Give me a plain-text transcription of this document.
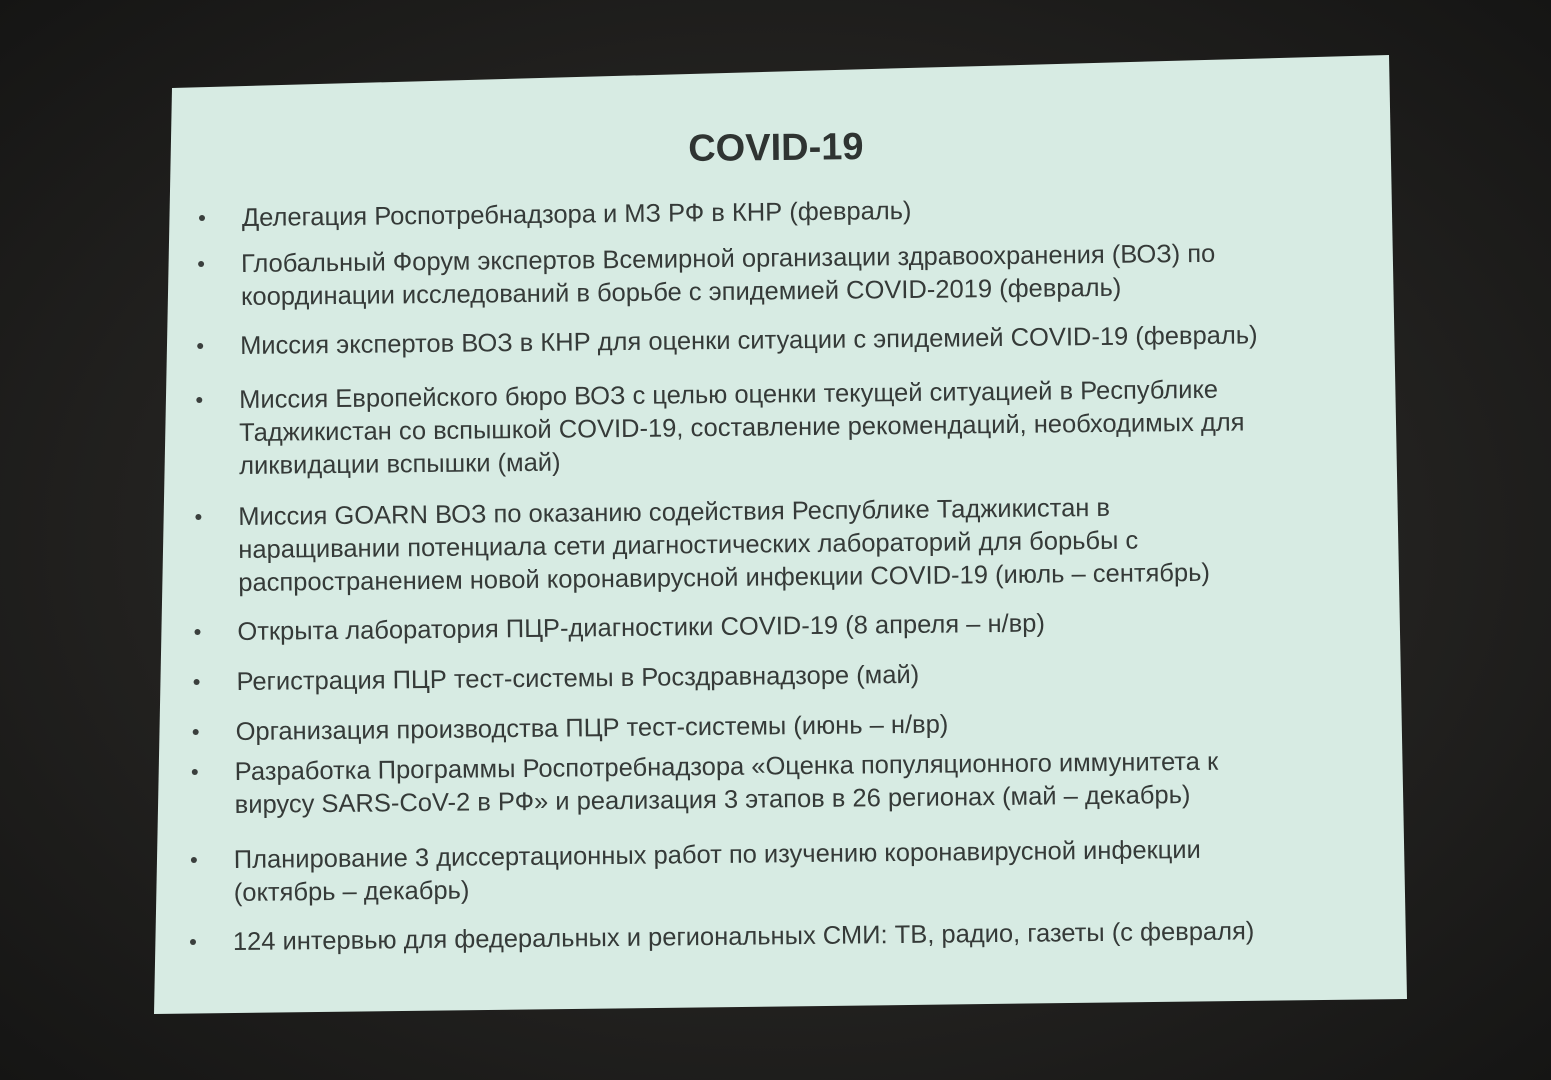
COVID-19
Делегация Роспотребнадзора и МЗ РФ в КНР (февраль)
Глобальный Форум экспертов Всемирной организации здравоохранения (ВОЗ) по
координации исследований в борьбе с эпидемией COVID-2019 (февраль)
Миссия экспертов ВОЗ в КНР для оценки ситуации с эпидемией COVID-19 (февраль)
Миссия Европейского бюро ВОЗ с целью оценки текущей ситуацией в Республике
Таджикистан со вспышкой COVID-19, составление рекомендаций, необходимых для
ликвидации вспышки (май)
Миссия GOARN ВОЗ по оказанию содействия Республике Таджикистан в
наращивании потенциала сети диагностических лабораторий для борьбы с
распространением новой коронавирусной инфекции COVID-19 (июль – сентябрь)
Открыта лаборатория ПЦР-диагностики COVID-19 (8 апреля – н/вр)
Регистрация ПЦР тест-системы в Росздравнадзоре (май)
Организация производства ПЦР тест-системы (июнь – н/вр)
Разработка Программы Роспотребнадзора «Оценка популяционного иммунитета к
вирусу SARS-CoV-2 в РФ» и реализация 3 этапов в 26 регионах (май – декабрь)
Планирование 3 диссертационных работ по изучению коронавирусной инфекции
(октябрь – декабрь)
124 интервью для федеральных и региональных СМИ: ТВ, радио, газеты (с февраля)
